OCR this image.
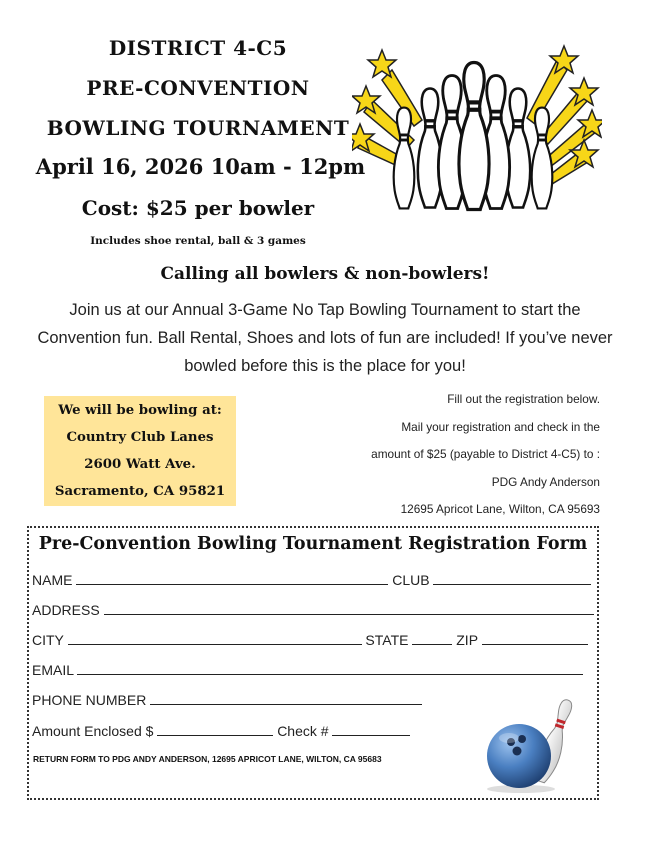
DISTRICT 4-C5
PRE-CONVENTION
BOWLING TOURNAMENT
April 16, 2026 10am - 12pm
Cost: $25 per bowler
Includes shoe rental, ball & 3 games
Calling all bowlers & non-bowlers!
Join us at our Annual 3-Game No Tap Bowling Tournament to start the Convention fun. Ball Rental, Shoes and lots of fun are included! If you’ve never bowled before this is the place for you!
We will be bowling at:
Country Club Lanes
2600 Watt Ave.
Sacramento, CA 95821
Fill out the registration below.
Mail your registration and check in the
amount of $25 (payable to District 4-C5) to :
PDG Andy Anderson
12695 Apricot Lane, Wilton, CA 95693
Pre-Convention Bowling Tournament Registration Form
NAME	CLUB
ADDRESS
CITY	STATE	ZIP
EMAIL
PHONE NUMBER
Amount Enclosed $	Check #
RETURN FORM TO PDG ANDY ANDERSON, 12695 APRICOT LANE, WILTON, CA 95683
